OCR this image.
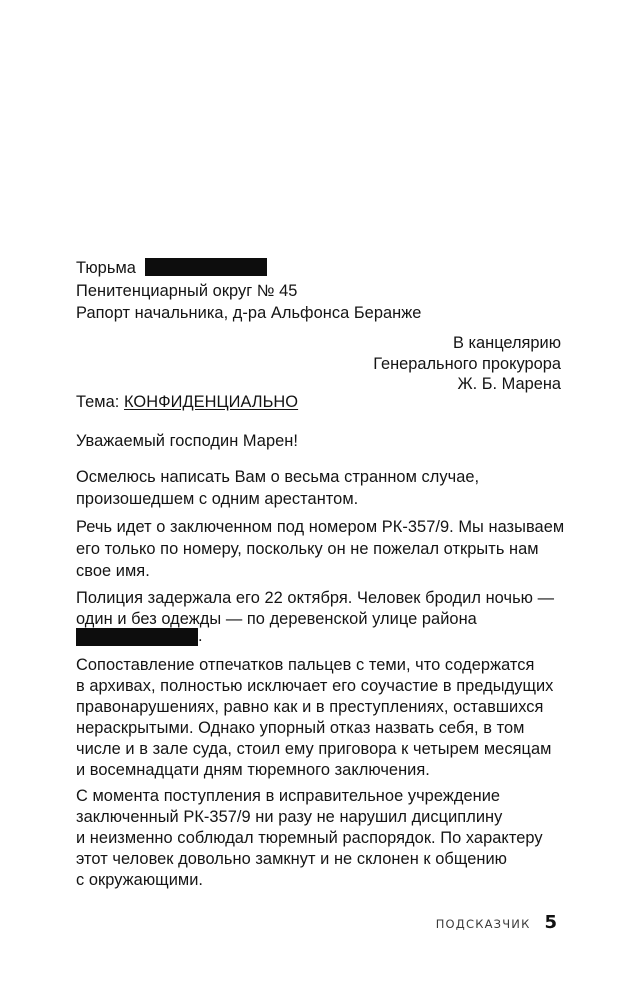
Тюрьма
Пенитенциарный округ № 45
Рапорт начальника, д-ра Альфонса Беранже
В канцелярию
Генерального прокурора
Ж. Б. Марена
Тема: КОНФИДЕНЦИАЛЬНО
Уважаемый господин Марен!
Осмелюсь написать Вам о весьма странном случае,
произошедшем с одним арестантом.
Речь идет о заключенном под номером РК-357/9. Мы называем
его только по номеру, поскольку он не пожелал открыть нам
свое имя.
Полиция задержала его 22 октября. Человек бродил ночью —
один и без одежды — по деревенской улице района
.
Сопоставление отпечатков пальцев с теми, что содержатся
в архивах, полностью исключает его соучастие в предыдущих
правонарушениях, равно как и в преступлениях, оставшихся
нераскрытыми. Однако упорный отказ назвать себя, в том
числе и в зале суда, стоил ему приговора к четырем месяцам
и восемнадцати дням тюремного заключения.
С момента поступления в исправительное учреждение
заключенный РК-357/9 ни разу не нарушил дисциплину
и неизменно соблюдал тюремный распорядок. По характеру
этот человек довольно замкнут и не склонен к общению
с окружающими.
ПОДСКАЗЧИК 5
